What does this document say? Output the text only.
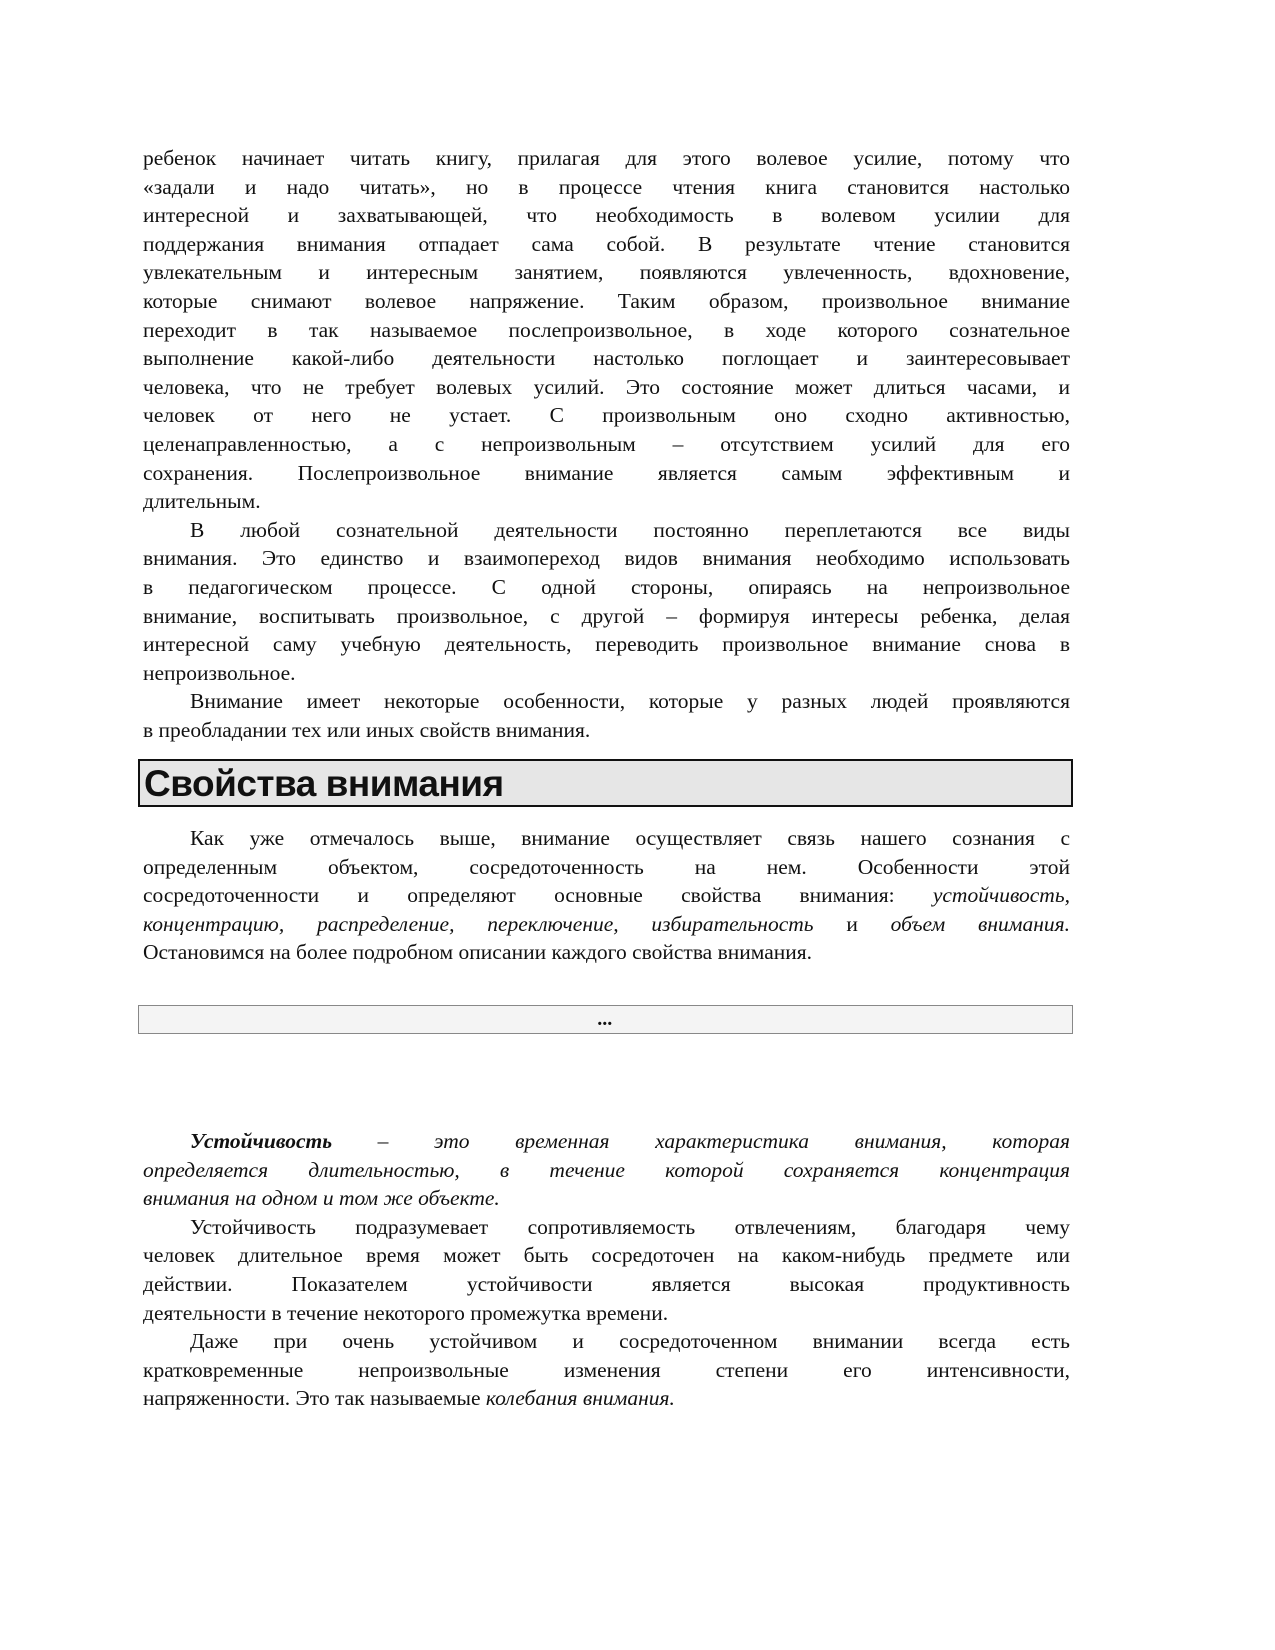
ребенок начинает читать книгу, прилагая для этого волевое усилие, потому что
«задали и надо читать», но в процессе чтения книга становится настолько
интересной и захватывающей, что необходимость в волевом усилии для
поддержания внимания отпадает сама собой. В результате чтение становится
увлекательным и интересным занятием, появляются увлеченность, вдохновение,
которые снимают волевое напряжение. Таким образом, произвольное внимание
переходит в так называемое послепроизвольное, в ходе которого сознательное
выполнение какой-либо деятельности настолько поглощает и заинтересовывает
человека, что не требует волевых усилий. Это состояние может длиться часами, и
человек от него не устает. С произвольным оно сходно активностью,
целенаправленностью, а с непроизвольным – отсутствием усилий для его
сохранения. Послепроизвольное внимание является самым эффективным и
длительным.
В любой сознательной деятельности постоянно переплетаются все виды
внимания. Это единство и взаимопереход видов внимания необходимо использовать
в педагогическом процессе. С одной стороны, опираясь на непроизвольное
внимание, воспитывать произвольное, с другой – формируя интересы ребенка, делая
интересной саму учебную деятельность, переводить произвольное внимание снова в
непроизвольное.
Внимание имеет некоторые особенности, которые у разных людей проявляются
в преобладании тех или иных свойств внимания.
Свойства внимания
Как уже отмечалось выше, внимание осуществляет связь нашего сознания с
определенным объектом, сосредоточенность на нем. Особенности этой
сосредоточенности и определяют основные свойства внимания: устойчивость,
концентрацию, распределение, переключение, избирательность и объем внимания.
Остановимся на более подробном описании каждого свойства внимания.
...
Устойчивость – это временная характеристика внимания, которая
определяется длительностью, в течение которой сохраняется концентрация
внимания на одном и том же объекте.
Устойчивость подразумевает сопротивляемость отвлечениям, благодаря чему
человек длительное время может быть сосредоточен на каком-нибудь предмете или
действии. Показателем устойчивости является высокая продуктивность
деятельности в течение некоторого промежутка времени.
Даже при очень устойчивом и сосредоточенном внимании всегда есть
кратковременные непроизвольные изменения степени его интенсивности,
напряженности. Это так называемые колебания внимания.
